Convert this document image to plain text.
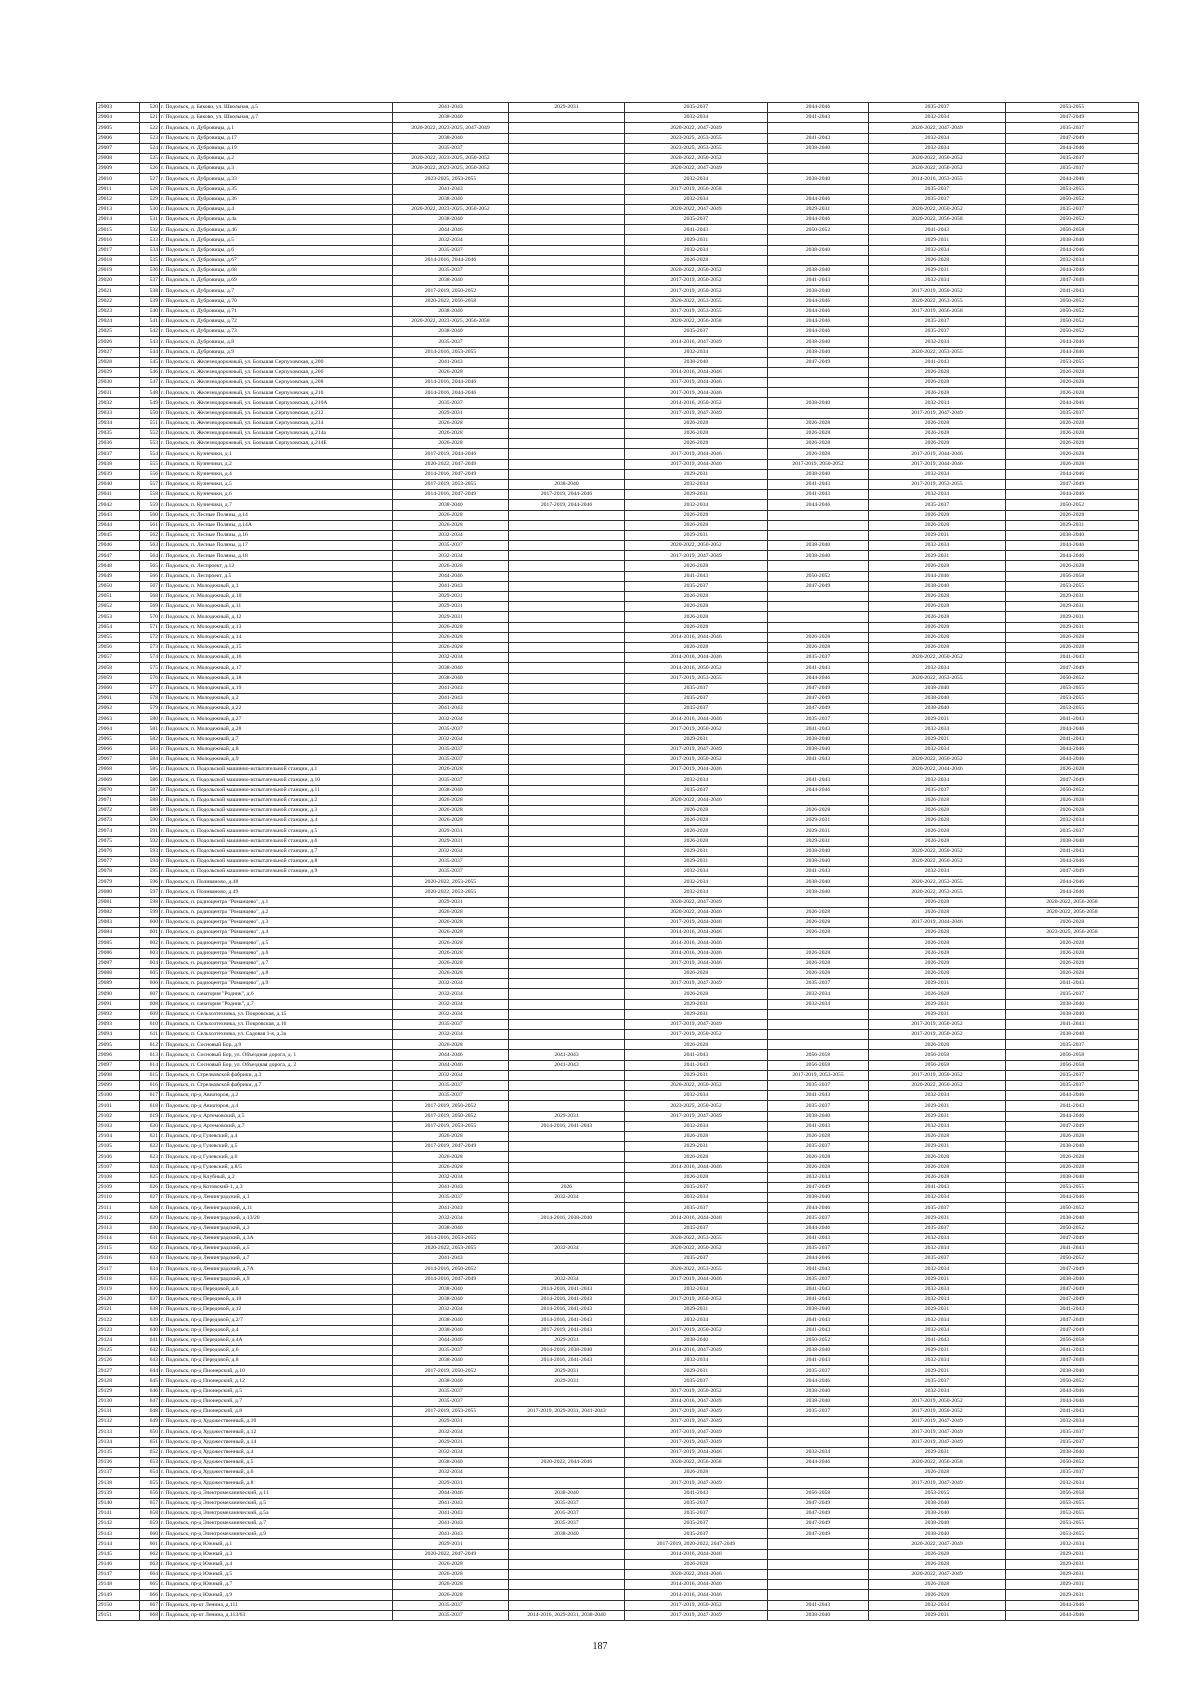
29003	520	г. Подольск, д. Бяково, ул. Школьная, д.5	2041-2043	2029-2031	2035-2037	2044-2046	2035-2037	2053-2055
29004	521	г. Подольск, д. Бяково, ул. Школьная, д.7	2038-2040		2032-2034	2041-2043	2032-2034	2047-2049
29005	522	г. Подольск, п. Дубровицы, д.1	2020-2022, 2023-2025, 2047-2049		2020-2022, 2047-2049		2020-2022, 2047-2049	2035-2037
29006	523	г. Подольск, п. Дубровицы, д.17	2038-2040		2023-2025, 2053-2055	2041-2043	2032-2034	2047-2049
29007	524	г. Подольск, п. Дубровицы, д.19	2035-2037		2023-2025, 2053-2055	2038-2040	2032-2034	2044-2046
29008	525	г. Подольск, п. Дубровицы, д.2	2020-2022, 2023-2025, 2050-2052		2020-2022, 2050-2052		2020-2022, 2050-2052	2035-2037
29009	526	г. Подольск, п. Дубровицы, д.3	2020-2022, 2023-2025, 2050-2052		2020-2022, 2047-2049		2020-2022, 2050-2052	2035-2037
29010	527	г. Подольск, п. Дубровицы, д.33	2023-2025, 2053-2055		2032-2034	2038-2040	2014-2016, 2053-2055	2044-2046
29011	528	г. Подольск, п. Дубровицы, д.35	2041-2043		2017-2019, 2056-2058		2035-2037	2053-2055
29012	529	г. Подольск, п. Дубровицы, д.36	2038-2040		2032-2034	2044-2046	2035-2037	2050-2052
29013	530	г. Подольск, п. Дубровицы, д.4	2020-2022, 2023-2025, 2050-2052		2020-2022, 2047-2049	2029-2031	2020-2022, 2050-2052	2035-2037
29014	531	г. Подольск, п. Дубровицы, д.4а	2038-2040		2035-2037	2044-2046	2020-2022, 2056-2058	2050-2052
29015	532	г. Подольск, п. Дубровицы, д.46	2044-2046		2041-2043	2050-2052	2041-2043	2056-2058
29016	533	г. Подольск, п. Дубровицы, д.5	2032-2034		2029-2031		2029-2031	2038-2040
29017	534	г. Подольск, п. Дубровицы, д.6	2035-2037		2032-2034	2038-2040	2032-2034	2044-2046
29018	535	г. Подольск, п. Дубровицы, д.67	2014-2016, 2044-2046		2026-2028		2026-2028	2032-2034
29019	536	г. Подольск, п. Дубровицы, д.68	2035-2037		2020-2022, 2050-2052	2038-2040	2029-2031	2044-2046
29020	537	г. Подольск, п. Дубровицы, д.69	2038-2040		2017-2019, 2050-2052	2041-2043	2032-2034	2047-2049
29021	538	г. Подольск, п. Дубровицы, д.7	2017-2019, 2050-2052		2017-2019, 2050-2052	2038-2040	2017-2019, 2050-2052	2041-2043
29022	539	г. Подольск, п. Дубровицы, д.70	2020-2022, 2056-2058		2020-2022, 2053-2055	2044-2046	2020-2022, 2053-2055	2050-2052
29023	540	г. Подольск, п. Дубровицы, д.71	2038-2040		2017-2019, 2053-2055	2044-2046	2017-2019, 2056-2058	2050-2052
29024	541	г. Подольск, п. Дубровицы, д.72	2020-2022, 2023-2025, 2056-2058		2020-2022, 2056-2058	2044-2046	2035-2037	2050-2052
29025	542	г. Подольск, п. Дубровицы, д.73	2038-2040		2035-2037	2044-2046	2035-2037	2050-2052
29026	543	г. Подольск, п. Дубровицы, д.8	2035-2037		2014-2016, 2047-2049	2038-2040	2032-2034	2044-2046
29027	544	г. Подольск, п. Дубровицы, д.9	2014-2016, 2053-2055		2032-2034	2038-2040	2020-2022, 2053-2055	2044-2046
29028	545	г. Подольск, п. Железнодорожный, ул. Большая Серпуховская, д.200	2041-2043		2038-2040	2047-2049	2041-2043	2053-2055
29029	546	г. Подольск, п. Железнодорожный, ул. Большая Серпуховская, д.206	2026-2028		2014-2016, 2044-2046		2026-2028	2026-2028
29030	547	г. Подольск, п. Железнодорожный, ул. Большая Серпуховская, д.208	2014-2016, 2044-2046		2017-2019, 2044-2046		2026-2028	2026-2028
29031	548	г. Подольск, п. Железнодорожный, ул. Большая Серпуховская, д.210	2014-2016, 2044-2046		2017-2019, 2044-2046		2026-2028	2026-2028
29032	549	г. Подольск, п. Железнодорожный, ул. Большая Серпуховская, д.210А	2035-2037		2014-2016, 2050-2052	2038-2040	2032-2034	2044-2046
29033	550	г. Подольск, п. Железнодорожный, ул. Большая Серпуховская, д.212	2029-2031		2017-2019, 2047-2049		2017-2019, 2047-2049	2035-2037
29034	551	г. Подольск, п. Железнодорожный, ул. Большая Серпуховская, д.214	2026-2028		2026-2028	2026-2028	2026-2028	2026-2028
29035	552	г. Подольск, п. Железнодорожный, ул. Большая Серпуховская, д.214а	2026-2028		2026-2028	2026-2028	2026-2028	2026-2028
29036	553	г. Подольск, п. Железнодорожный, ул. Большая Серпуховская, д.214Е	2026-2028		2026-2028	2026-2028	2026-2028	2026-2028
29037	554	г. Подольск, п. Кузнечики, д.1	2017-2019, 2044-2046		2017-2019, 2044-2046	2026-2028	2017-2019, 2044-2046	2026-2028
29038	555	г. Подольск, п. Кузнечики, д.2	2020-2022, 2047-2049		2017-2019, 2044-2046	2017-2019, 2050-2052	2017-2019, 2044-2046	2026-2028
29039	556	г. Подольск, п. Кузнечики, д.4	2014-2016, 2047-2049		2029-2031	2038-2040	2032-2034	2044-2046
29040	557	г. Подольск, п. Кузнечики, д.5	2017-2019, 2053-2055	2038-2040	2032-2034	2041-2043	2017-2019, 2053-2055	2047-2049
29041	558	г. Подольск, п. Кузнечики, д.6	2014-2016, 2047-2049	2017-2019, 2044-2046	2029-2031	2041-2043	2032-2034	2044-2046
29042	559	г. Подольск, п. Кузнечики, д.7	2038-2040	2017-2019, 2044-2046	2032-2034	2044-2046	2035-2037	2050-2052
29043	560	г. Подольск, п. Лесные Поляны, д.14	2026-2028		2026-2028		2026-2028	2026-2028
29044	561	г. Подольск, п. Лесные Поляны, д.14А	2026-2028		2026-2028		2026-2028	2029-2031
29045	562	г. Подольск, п. Лесные Поляны, д.16	2032-2034		2029-2031		2029-2031	2038-2040
29046	563	г. Подольск, п. Лесные Поляны, д.17	2035-2037		2020-2022, 2050-2052	2038-2040	2032-2034	2044-2046
29047	564	г. Подольск, п. Лесные Поляны, д.18	2032-2034		2017-2019, 2047-2049	2038-2040	2029-2031	2044-2046
29048	565	г. Подольск, п. Леспроект, д.12	2026-2028		2026-2028		2026-2028	2026-2028
29049	566	г. Подольск, п. Леспроект, д.5	2044-2046		2041-2043	2050-2052	2044-2046	2056-2058
29050	567	г. Подольск, п. Молодежный, д.1	2041-2043		2035-2037	2047-2049	2038-2040	2053-2055
29051	568	г. Подольск, п. Молодежный, д.10	2029-2031		2026-2028		2026-2028	2029-2031
29052	569	г. Подольск, п. Молодежный, д.11	2029-2031		2026-2028		2026-2028	2029-2031
29053	570	г. Подольск, п. Молодежный, д.12	2029-2031		2026-2028		2026-2028	2029-2031
29054	571	г. Подольск, п. Молодежный, д.13	2026-2028		2026-2028		2026-2028	2029-2031
29055	572	г. Подольск, п. Молодежный, д.14	2026-2028		2014-2016, 2044-2046	2026-2028	2026-2028	2026-2028
29056	573	г. Подольск, п. Молодежный, д.15	2026-2028		2026-2028	2026-2028	2026-2028	2026-2028
29057	574	г. Подольск, п. Молодежный, д.16	2032-2034		2014-2016, 2044-2046	2035-2037	2020-2022, 2050-2052	2041-2043
29058	575	г. Подольск, п. Молодежный, д.17	2038-2040		2014-2016, 2050-2052	2041-2043	2032-2034	2047-2049
29059	576	г. Подольск, п. Молодежный, д.18	2038-2040		2017-2019, 2053-2055	2044-2046	2020-2022, 2053-2055	2050-2052
29060	577	г. Подольск, п. Молодежный, д.19	2041-2043		2035-2037	2047-2049	2038-2040	2053-2055
29061	578	г. Подольск, п. Молодежный, д.2	2041-2043		2035-2037	2047-2049	2038-2040	2053-2055
29062	579	г. Подольск, п. Молодежный, д.22	2041-2043		2035-2037	2047-2049	2038-2040	2053-2055
29063	580	г. Подольск, п. Молодежный, д.27	2032-2034		2014-2016, 2044-2046	2035-2037	2029-2031	2041-2043
29064	581	г. Подольск, п. Молодежный, д.28	2035-2037		2017-2019, 2050-2052	2041-2043	2032-2034	2044-2046
29065	582	г. Подольск, п. Молодежный, д.7	2032-2034		2029-2031	2038-2040	2029-2031	2041-2043
29066	583	г. Подольск, п. Молодежный, д.8	2035-2037		2017-2019, 2047-2049	2038-2040	2032-2034	2044-2046
29067	584	г. Подольск, п. Молодежный, д.9	2035-2037		2017-2019, 2050-2052	2041-2043	2020-2022, 2050-2052	2044-2046
29068	585	г. Подольск, п. Подольской машинно-испытательной станции, д.1	2026-2028		2017-2019, 2044-2046		2020-2022, 2044-2046	2026-2028
29069	586	г. Подольск, п. Подольской машинно-испытательной станции, д.10	2035-2037		2032-2034	2041-2043	2032-2034	2047-2049
29070	587	г. Подольск, п. Подольской машинно-испытательной станции, д.11	2038-2040		2035-2037	2044-2046	2035-2037	2050-2052
29071	588	г. Подольск, п. Подольской машинно-испытательной станции, д.2	2026-2028		2020-2022, 2044-2046		2026-2028	2026-2028
29072	589	г. Подольск, п. Подольской машинно-испытательной станции, д.3	2026-2028		2026-2028	2026-2028	2026-2028	2026-2028
29073	590	г. Подольск, п. Подольской машинно-испытательной станции, д.4	2026-2028		2026-2028	2029-2031	2026-2028	2032-2034
29074	591	г. Подольск, п. Подольской машинно-испытательной станции, д.5	2029-2031		2026-2028	2029-2031	2026-2028	2035-2037
29075	592	г. Подольск, п. Подольской машинно-испытательной станции, д.6	2029-2031		2026-2028	2029-2031	2026-2028	2038-2040
29076	593	г. Подольск, п. Подольской машинно-испытательной станции, д.7	2032-2034		2029-2031	2038-2040	2020-2022, 2050-2052	2041-2043
29077	594	г. Подольск, п. Подольской машинно-испытательной станции, д.8	2035-2037		2029-2031	2038-2040	2020-2022, 2050-2052	2044-2046
29078	595	г. Подольск, п. Подольской машинно-испытательной станции, д.9	2035-2037		2032-2034	2041-2043	2032-2034	2047-2049
29079	596	г. Подольск, п. Поливаново, д.48	2020-2022, 2053-2055		2032-2034	2038-2040	2020-2022, 2053-2055	2044-2046
29080	597	г. Подольск, п. Поливаново, д.49	2020-2022, 2053-2055		2032-2034	2038-2040	2020-2022, 2053-2055	2044-2046
29081	598	г. Подольск, п. радиоцентра "Романцево", д.1	2029-2031		2020-2022, 2047-2049		2026-2028	2020-2022, 2056-2058
29082	599	г. Подольск, п. радиоцентра "Романцево", д.2	2026-2028		2020-2022, 2044-2046	2026-2028	2026-2028	2020-2022, 2056-2058
29083	600	г. Подольск, п. радиоцентра "Романцево", д.3	2026-2028		2017-2019, 2044-2046	2026-2028	2017-2019, 2044-2046	2026-2028
29084	601	г. Подольск, п. радиоцентра "Романцево", д.4	2026-2028		2014-2016, 2044-2046	2026-2028	2026-2028	2023-2025, 2056-2058
29085	602	г. Подольск, п. радиоцентра "Романцево", д.5	2026-2028		2014-2016, 2044-2046		2026-2028	2026-2028
29086	603	г. Подольск, п. радиоцентра "Романцево", д.6	2026-2028		2014-2016, 2044-2046	2026-2028	2026-2028	2026-2028
29087	604	г. Подольск, п. радиоцентра "Романцево", д.7	2026-2028		2017-2019, 2044-2046	2026-2028	2026-2028	2026-2028
29088	605	г. Подольск, п. радиоцентра "Романцево", д.8	2026-2028		2026-2028	2026-2028	2026-2028	2026-2028
29089	606	г. Подольск, п. радиоцентра "Романцево", д.9	2032-2034		2017-2019, 2047-2049	2035-2037	2029-2031	2041-2043
29090	607	г. Подольск, п. санатория "Родник", д.6	2032-2034		2026-2028	2032-2034	2026-2028	2035-2037
29091	608	г. Подольск, п. санатория "Родник", д.7	2032-2034		2029-2031	2032-2034	2029-2031	2038-2040
29092	609	г. Подольск, п. Сельхозтехника, ул. Покровская, д.15	2032-2034		2029-2031		2029-2031	2038-2040
29093	610	г. Подольск, п. Сельхозтехника, ул. Покровская, д.16	2035-2037		2017-2019, 2047-2049		2017-2019, 2050-2052	2041-2043
29094	611	г. Подольск, п. Сельхозтехника, ул. Садовая 1-я, д.3а	2032-2034		2017-2019, 2050-2052		2017-2019, 2050-2052	2038-2040
29095	612	г. Подольск, п. Сосновый Бор, д.9	2026-2028		2026-2028		2026-2028	2035-2037
29096	613	г. Подольск, п. Сосновый Бор, ул. Объездная дорога, д. 1	2044-2046	2041-2043	2041-2043	2056-2058	2056-2058	2056-2058
29097	614	г. Подольск, п. Сосновый Бор, ул. Объездная дорога, д. 2	2044-2046	2041-2043	2041-2043	2056-2058	2056-2058	2056-2058
29098	615	г. Подольск, п. Стрелковской фабрики, д.3	2032-2034		2029-2031	2017-2019, 2053-2055	2017-2019, 2050-2052	2035-2037
29099	616	г. Подольск, п. Стрелковской фабрики, д.7	2035-2037		2020-2022, 2050-2052	2035-2037	2020-2022, 2050-2052	2035-2037
29100	617	г. Подольск, пр-д Авиаторов, д.2	2035-2037		2032-2034	2041-2043	2032-2034	2044-2046
29101	618	г. Подольск, пр-д Авиаторов, д.4	2017-2019, 2050-2052		2023-2025, 2050-2052	2035-2037	2029-2031	2041-2043
29102	619	г. Подольск, пр-д Артемовский, д.5	2017-2019, 2050-2052	2029-2031	2017-2019, 2047-2049	2038-2040	2029-2031	2044-2046
29103	620	г. Подольск, пр-д Артемовский, д.7	2017-2019, 2053-2055	2014-2016, 2041-2043	2032-2034	2041-2043	2032-2034	2047-2049
29104	621	г. Подольск, пр-д Гулевский, д.4	2026-2028		2026-2028	2026-2028	2026-2028	2026-2028
29105	622	г. Подольск, пр-д Гулевский, д.5	2017-2019, 2047-2049		2029-2031	2035-2037	2029-2031	2038-2040
29106	623	г. Подольск, пр-д Гулевский, д.6	2026-2028		2026-2028	2026-2028	2026-2028	2026-2028
29107	624	г. Подольск, пр-д Гулевский, д.8/5	2026-2028		2014-2016, 2044-2046	2026-2028	2026-2028	2026-2028
29108	625	г. Подольск, пр-д Клубный, д.2	2032-2034		2026-2028	2032-2034	2026-2028	2038-2040
29109	626	г. Подольск, пр-д Котовский-1, д.3	2041-2043	2026	2035-2037	2047-2049	2041-2043	2053-2055
29110	627	г. Подольск, пр-д Ленинградский, д.1	2035-2037	2032-2034	2032-2034	2038-2040	2032-2034	2044-2046
29111	628	г. Подольск, пр-д Ленинградский, д.11	2041-2043		2035-2037	2044-2046	2035-2037	2050-2052
29112	629	г. Подольск, пр-д Ленинградский, д.13/20	2032-2034	2014-2016, 2038-2040	2014-2016, 2044-2046	2035-2037	2029-2031	2038-2040
29113	630	г. Подольск, пр-д Ленинградский, д.3	2038-2040		2035-2037	2044-2046	2035-2037	2050-2052
29114	631	г. Подольск, пр-д Ленинградский, д.3А	2014-2016, 2053-2055		2020-2022, 2053-2055	2041-2043	2032-2034	2047-2049
29115	632	г. Подольск, пр-д Ленинградский, д.5	2020-2022, 2053-2055	2032-2034	2020-2022, 2050-2052	2035-2037	2032-2034	2041-2043
29116	633	г. Подольск, пр-д Ленинградский, д.7	2041-2043		2035-2037	2044-2046	2035-2037	2050-2052
29117	634	г. Подольск, пр-д Ленинградский, д.7А	2014-2016, 2050-2052		2020-2022, 2053-2055	2041-2043	2032-2034	2047-2049
29118	635	г. Подольск, пр-д Ленинградский, д.9	2014-2016, 2047-2049	2032-2034	2017-2019, 2044-2046	2035-2037	2029-2031	2038-2040
29119	636	г. Подольск, пр-д Передовой, д.6	2038-2040	2014-2016, 2041-2043	2032-2034	2041-2043	2032-2034	2047-2049
29120	637	г. Подольск, пр-д Передовой, д.10	2038-2040	2014-2016, 2041-2043	2017-2019, 2050-2052	2041-2043	2032-2034	2047-2049
29121	638	г. Подольск, пр-д Передовой, д.12	2032-2034	2014-2016, 2041-2043	2029-2031	2038-2040	2029-2031	2041-2043
29122	639	г. Подольск, пр-д Передовой, д.2/7	2038-2040	2014-2016, 2041-2043	2032-2034	2041-2043	2032-2034	2047-2049
29123	640	г. Подольск, пр-д Передовой, д.4	2038-2040	2017-2019, 2041-2043	2017-2019, 2050-2052	2041-2043	2032-2034	2047-2049
29124	641	г. Подольск, пр-д Передовой, д.4А	2044-2046	2029-2031	2038-2040	2050-2052	2041-2043	2056-2058
29125	642	г. Подольск, пр-д Передовой, д.6	2035-2037	2014-2016, 2038-2040	2014-2016, 2047-2049	2038-2040	2029-2031	2041-2043
29126	643	г. Подольск, пр-д Передовой, д.8	2038-2040	2014-2016, 2041-2043	2032-2034	2041-2043	2032-2034	2047-2049
29127	644	г. Подольск, пр-д Пионерский, д.10	2017-2019, 2050-2052	2029-2031	2029-2031	2035-2037	2029-2031	2038-2040
29128	645	г. Подольск, пр-д Пионерский, д.12	2038-2040	2029-2031	2035-2037	2044-2046	2035-2037	2050-2052
29129	646	г. Подольск, пр-д Пионерский, д.5	2035-2037		2017-2019, 2050-2052	2038-2040	2032-2034	2044-2046
29130	647	г. Подольск, пр-д Пионерский, д.7	2035-2037		2014-2016, 2047-2049	2038-2040	2017-2019, 2050-2052	2044-2046
29131	648	г. Подольск, пр-д Пионерский, д.8	2017-2019, 2053-2055	2017-2019, 2029-2031, 2041-2043	2017-2019, 2047-2049	2035-2037	2017-2019, 2050-2052	2041-2043
29132	649	г. Подольск, пр-д Художественный, д.10	2029-2031		2017-2019, 2047-2049		2017-2019, 2047-2049	2032-2034
29133	650	г. Подольск, пр-д Художественный, д.12	2032-2034		2017-2019, 2047-2049		2017-2019, 2047-2049	2035-2037
29134	651	г. Подольск, пр-д Художественный, д.14	2029-2031		2017-2019, 2047-2049		2017-2019, 2047-2049	2035-2037
29135	652	г. Подольск, пр-д Художественный, д.4	2032-2034		2017-2019, 2044-2046	2032-2034	2029-2031	2038-2040
29136	653	г. Подольск, пр-д Художественный, д.5	2038-2040	2020-2022, 2044-2046	2020-2022, 2056-2058	2044-2046	2020-2022, 2056-2058	2050-2052
29137	654	г. Подольск, пр-д Художественный, д.6	2032-2034		2026-2028		2026-2028	2035-2037
29138	655	г. Подольск, пр-д Художественный, д.8	2029-2031		2017-2019, 2047-2049		2017-2019, 2047-2049	2032-2034
29139	656	г. Подольск, пр-д Электромеханический, д.11	2044-2046	2038-2040	2041-2043	2056-2058	2053-2055	2056-2058
29140	657	г. Подольск, пр-д Электромеханический, д.5	2041-2043	2035-2037	2035-2037	2047-2049	2038-2040	2053-2055
29141	658	г. Подольск, пр-д Электромеханический, д.5а	2041-2043	2035-2037	2035-2037	2047-2049	2038-2040	2053-2055
29142	659	г. Подольск, пр-д Электромеханический, д.7	2041-2043	2035-2037	2035-2037	2047-2049	2038-2040	2053-2055
29143	660	г. Подольск, пр-д Электромеханический, д.9	2041-2043	2038-2040	2035-2037	2047-2049	2038-2040	2053-2055
29144	661	г. Подольск, пр-д Южный, д.1	2029-2031		2017-2019, 2020-2022, 2047-2049		2020-2022, 2047-2049	2032-2034
29145	662	г. Подольск, пр-д Южный, д.3	2020-2022, 2047-2049		2014-2016, 2044-2046		2026-2028	2029-2031
29146	663	г. Подольск, пр-д Южный, д.4	2026-2028		2026-2028		2026-2028	2029-2031
29147	664	г. Подольск, пр-д Южный, д.5	2026-2028		2020-2022, 2044-2046		2020-2022, 2047-2049	2029-2031
29148	665	г. Подольск, пр-д Южный, д.7	2026-2028		2014-2016, 2044-2046		2026-2028	2029-2031
29149	666	г. Подольск, пр-д Южный, д.9	2026-2028		2014-2016, 2044-2046		2026-2028	2029-2031
29150	667	г. Подольск, пр-кт Ленина, д.111	2035-2037		2017-2019, 2050-2052	2041-2043	2032-2034	2044-2046
29151	668	г. Подольск, пр-кт Ленина, д.113/63	2035-2037	2014-2016, 2029-2031, 2038-2040	2017-2019, 2047-2049	2038-2040	2029-2031	2044-2046
187
